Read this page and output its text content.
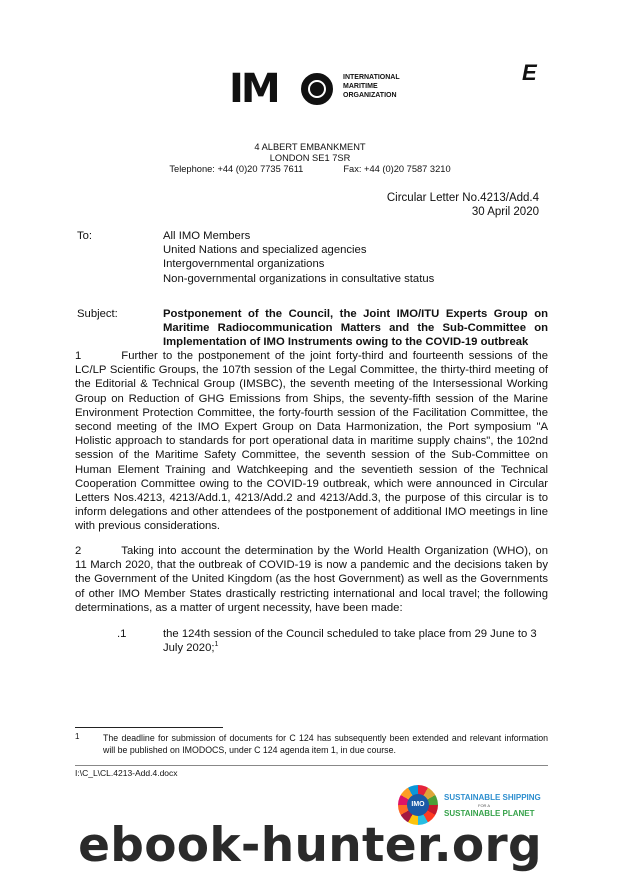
IM	INTERNATIONAL
MARITIME
ORGANIZATION
E
4 ALBERT EMBANKMENT
LONDON SE1 7SR
Telephone: +44 (0)20 7735 7611	Fax: +44 (0)20 7587 3210
Circular Letter No.4213/Add.4
30 April 2020
To:	All IMO Members
United Nations and specialized agencies
Intergovernmental organizations
Non-governmental organizations in consultative status
Subject:	Postponement of the Council, the Joint IMO/ITU Experts Group on Maritime Radiocommunication Matters and the Sub-Committee on Implementation of IMO Instruments owing to the COVID-19 outbreak
1	Further to the postponement of the joint forty-third and fourteenth sessions of the LC/LP Scientific Groups, the 107th session of the Legal Committee, the thirty-third meeting of the Editorial & Technical Group (IMSBC), the seventh meeting of the Intersessional Working Group on Reduction of GHG Emissions from Ships, the seventy-fifth session of the Marine Environment Protection Committee, the forty-fourth session of the Facilitation Committee, the second meeting of the IMO Expert Group on Data Harmonization, the Port symposium "A Holistic approach to standards for port operational data in maritime supply chains", the 102nd session of the Maritime Safety Committee, the seventh session of the Sub-Committee on Human Element Training and Watchkeeping and the seventieth session of the Technical Cooperation Committee owing to the COVID-19 outbreak, which were announced in Circular Letters Nos.4213, 4213/Add.1, 4213/Add.2 and 4213/Add.3, the purpose of this circular is to inform delegations and other attendees of the postponement of additional IMO meetings in line with previous considerations.
2	Taking into account the determination by the World Health Organization (WHO), on 11 March 2020, that the outbreak of COVID-19 is now a pandemic and the decisions taken by the Government of the United Kingdom (as the host Government) as well as the Governments of other IMO Member States drastically restricting international and local travel; the following determinations, as a matter of urgent necessity, have been made:
.1	the 124th session of the Council scheduled to take place from 29 June to 3 July 2020;$^1$
1	The deadline for submission of documents for C 124 has subsequently been extended and relevant information will be published on IMODOCS, under C 124 agenda item 1, in due course.
I:\C_L\CL.4213-Add.4.docx
IMO
SUSTAINABLE SHIPPING
FOR A
SUSTAINABLE PLANET
ebook-hunter.org
